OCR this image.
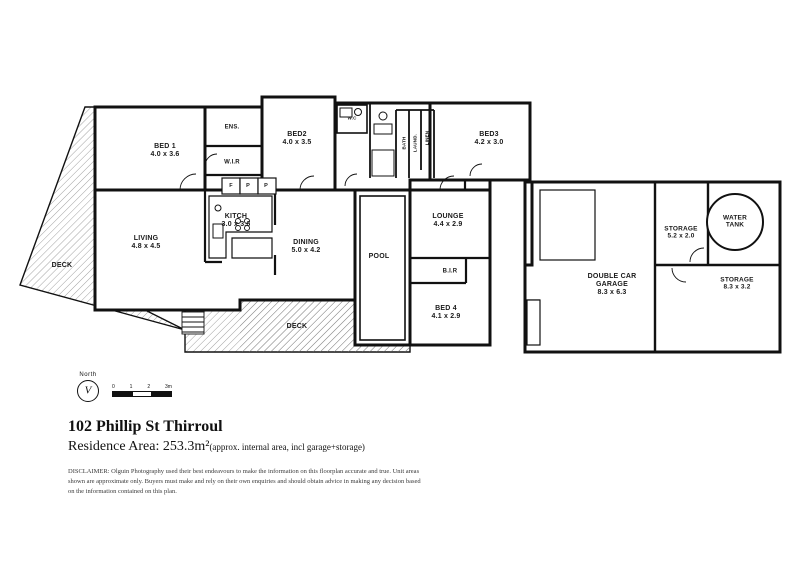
BED 1
4.0 x 3.6
ENS.
W.I.R
BED2
4.0 x 3.5
BED3
4.2 x 3.0
BATH LAUND. LINEN
W.C
LIVING
4.8 x 4.5
KITCH
3.0 x 3.6
DINING
5.0 x 4.2
POOL
LOUNGE
4.4 x 2.9
B.I.R
BED 4
4.1 x 2.9
DECK
DECK
DOUBLE CAR
GARAGE
8.3 x 6.3
STORAGE
5.2 x 2.0
STORAGE
8.3 x 3.2
WATER
TANK
F P	P
North
V	0	1	2	3m

102 Phillip St Thirroul

Residence Area: 253.3m²(approx. internal area, incl garage+storage)

DISCLAIMER: Olguin Photography used their best endeavours to make the information on this floorplan accurate and true. Unit areas shown are approximate only. Buyers must make and rely on their own enquiries and should obtain advice in making any decision based on the information contained on this plan.
